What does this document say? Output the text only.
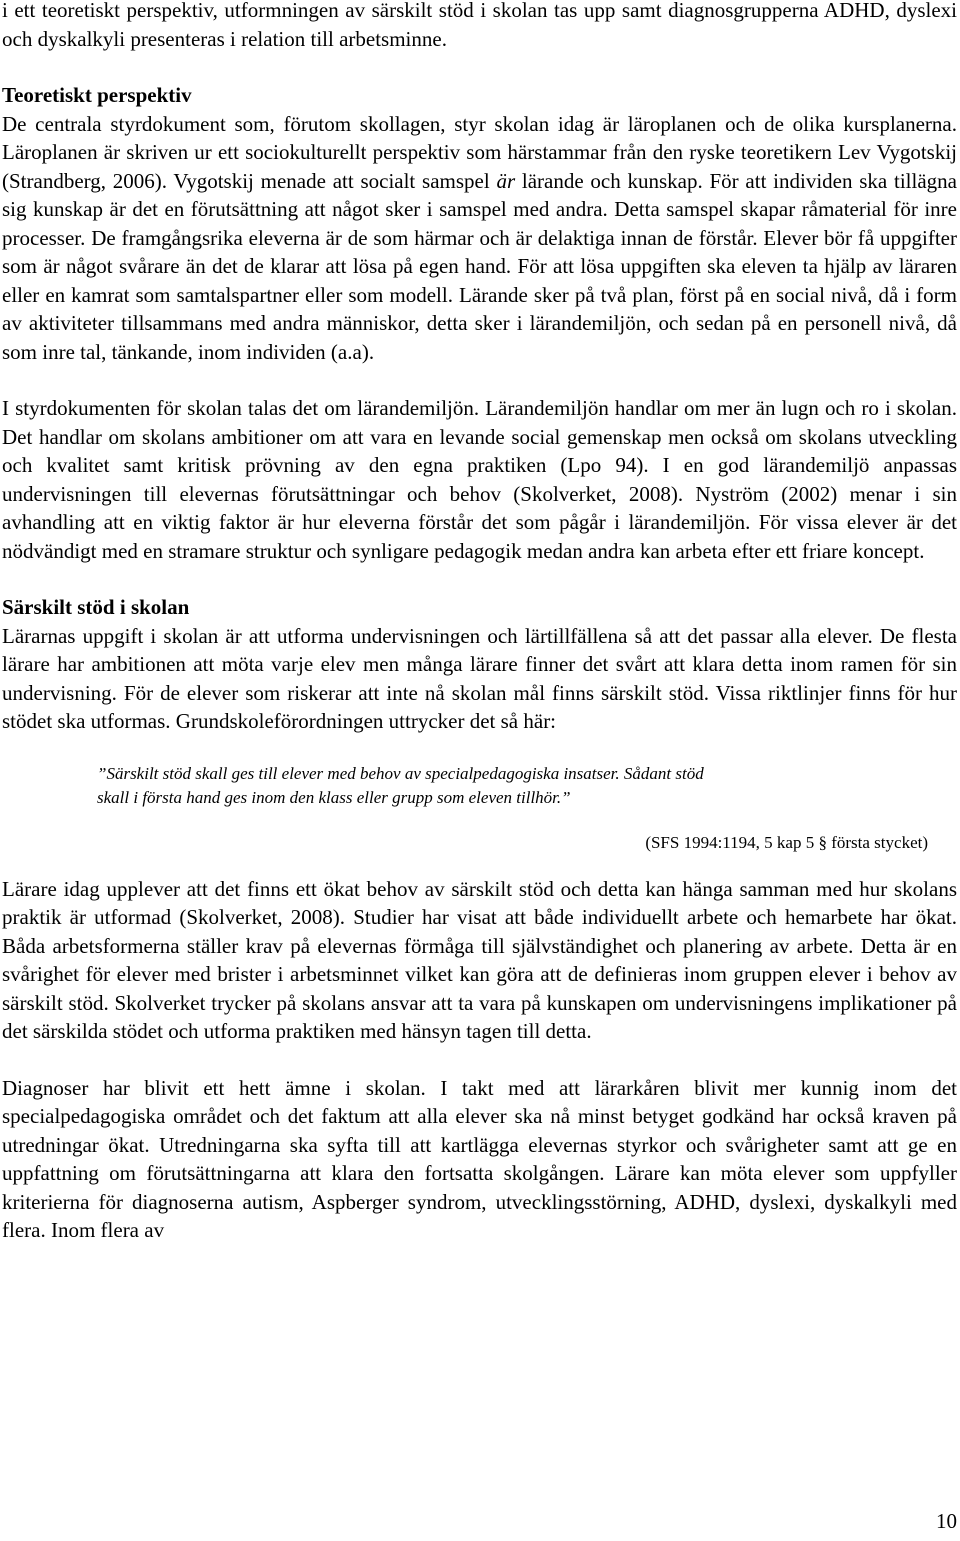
i ett teoretiskt perspektiv, utformningen av särskilt stöd i skolan tas upp samt diagnosgrupperna ADHD, dyslexi och dyskalkyli presenteras i relation till arbetsminne.

Teoretiskt perspektiv

De centrala styrdokument som, förutom skollagen, styr skolan idag är läroplanen och de olika kursplanerna. Läroplanen är skriven ur ett sociokulturellt perspektiv som härstammar från den ryske teoretikern Lev Vygotskij (Strandberg, 2006). Vygotskij menade att socialt samspel är lärande och kunskap. För att individen ska tillägna sig kunskap är det en förutsättning att något sker i samspel med andra. Detta samspel skapar råmaterial för inre processer. De framgångsrika eleverna är de som härmar och är delaktiga innan de förstår. Elever bör få uppgifter som är något svårare än det de klarar att lösa på egen hand. För att lösa uppgiften ska eleven ta hjälp av läraren eller en kamrat som samtalspartner eller som modell. Lärande sker på två plan, först på en social nivå, då i form av aktiviteter tillsammans med andra människor, detta sker i lärandemiljön, och sedan på en personell nivå, då som inre tal, tänkande, inom individen (a.a).

I styrdokumenten för skolan talas det om lärandemiljön. Lärandemiljön handlar om mer än lugn och ro i skolan. Det handlar om skolans ambitioner om att vara en levande social gemenskap men också om skolans utveckling och kvalitet samt kritisk prövning av den egna praktiken (Lpo 94). I en god lärandemiljö anpassas undervisningen till elevernas förutsättningar och behov (Skolverket, 2008). Nyström (2002) menar i sin avhandling att en viktig faktor är hur eleverna förstår det som pågår i lärandemiljön. För vissa elever är det nödvändigt med en stramare struktur och synligare pedagogik medan andra kan arbeta efter ett friare koncept.

Särskilt stöd i skolan

Lärarnas uppgift i skolan är att utforma undervisningen och lärtillfällena så att det passar alla elever. De flesta lärare har ambitionen att möta varje elev men många lärare finner det svårt att klara detta inom ramen för sin undervisning. För de elever som riskerar att inte nå skolan mål finns särskilt stöd. Vissa riktlinjer finns för hur stödet ska utformas. Grundskoleförordningen uttrycker det så här:

”Särskilt stöd skall ges till elever med behov av specialpedagogiska insatser. Sådant stöd skall i första hand ges inom den klass eller grupp som eleven tillhör.”

(SFS 1994:1194, 5 kap 5 § första stycket)

Lärare idag upplever att det finns ett ökat behov av särskilt stöd och detta kan hänga samman med hur skolans praktik är utformad (Skolverket, 2008). Studier har visat att både individuellt arbete och hemarbete har ökat. Båda arbetsformerna ställer krav på elevernas förmåga till självständighet och planering av arbete. Detta är en svårighet för elever med brister i arbetsminnet vilket kan göra att de definieras inom gruppen elever i behov av särskilt stöd. Skolverket trycker på skolans ansvar att ta vara på kunskapen om undervisningens implikationer på det särskilda stödet och utforma praktiken med hänsyn tagen till detta.

Diagnoser har blivit ett hett ämne i skolan. I takt med att lärarkåren blivit mer kunnig inom det specialpedagogiska området och det faktum att alla elever ska nå minst betyget godkänd har också kraven på utredningar ökat. Utredningarna ska syfta till att kartlägga elevernas styrkor och svårigheter samt att ge en uppfattning om förutsättningarna att klara den fortsatta skolgången. Lärare kan möta elever som uppfyller kriterierna för diagnoserna autism, Aspberger syndrom, utvecklingsstörning, ADHD, dyslexi, dyskalkyli med flera. Inom flera av

10
